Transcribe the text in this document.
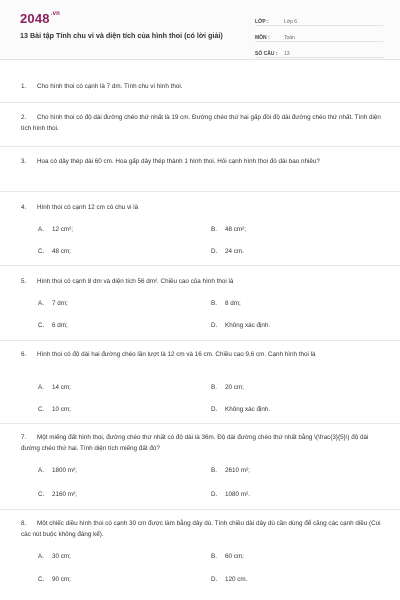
$2048^{.vn}$
13 Bài tập Tính chu vi và diện tích của hình thoi (có lời giải)
LỚP :	Lớp 6
MÔN :	Toán
SỐ CÂU :	13
1. Cho hình thoi có cạnh là 7 dm. Tính chu vi hình thoi.
2. Cho hình thoi có độ dài đường chéo thứ nhất là 19 cm. Đường chéo thứ hai gấp đôi độ dài đường chéo thứ nhất. Tính diện tích hình thoi.
3. Hoa có dây thép dài 60 cm. Hoa gấp dây thép thành 1 hình thoi. Hỏi cạnh hình thoi đó dài bao nhiêu?
4. Hình thoi có cạnh 12 cm có chu vi là
A. 12 cm²;	B. 48 cm²;
C. 48 cm;	D. 24 cm.
5. Hình thoi có cạnh 8 dm và diện tích 56 dm². Chiều cao của hình thoi là
A. 7 dm;	B. 8 dm;
C. 6 dm;	D. Không xác định.
6. Hình thoi có độ dài hai đường chéo lần lượt là 12 cm và 16 cm. Chiều cao 9,6 cm. Cạnh hình thoi là
A. 14 cm;	B. 20 cm;
C. 10 cm;	D. Không xác định.
7. Một miếng đất hình thoi, đường chéo thứ nhất có độ dài là 36m. Độ dài đường chéo thứ nhất bằng \(\frac{3}{5}\) độ dài đường chéo thứ hai. Tính diện tích miếng đất đó?
A. 1800 m²;	B. 2610 m²;
C. 2160 m²;	D. 1080 m².
8. Một chiếc diều hình thoi có cạnh 30 cm được làm bằng dây dù. Tính chiều dài dây dù cần dùng để căng các cạnh diều (Coi các nút buộc không đáng kể).
A. 30 cm;	B. 60 cm;
C. 90 cm;	D. 120 cm.
